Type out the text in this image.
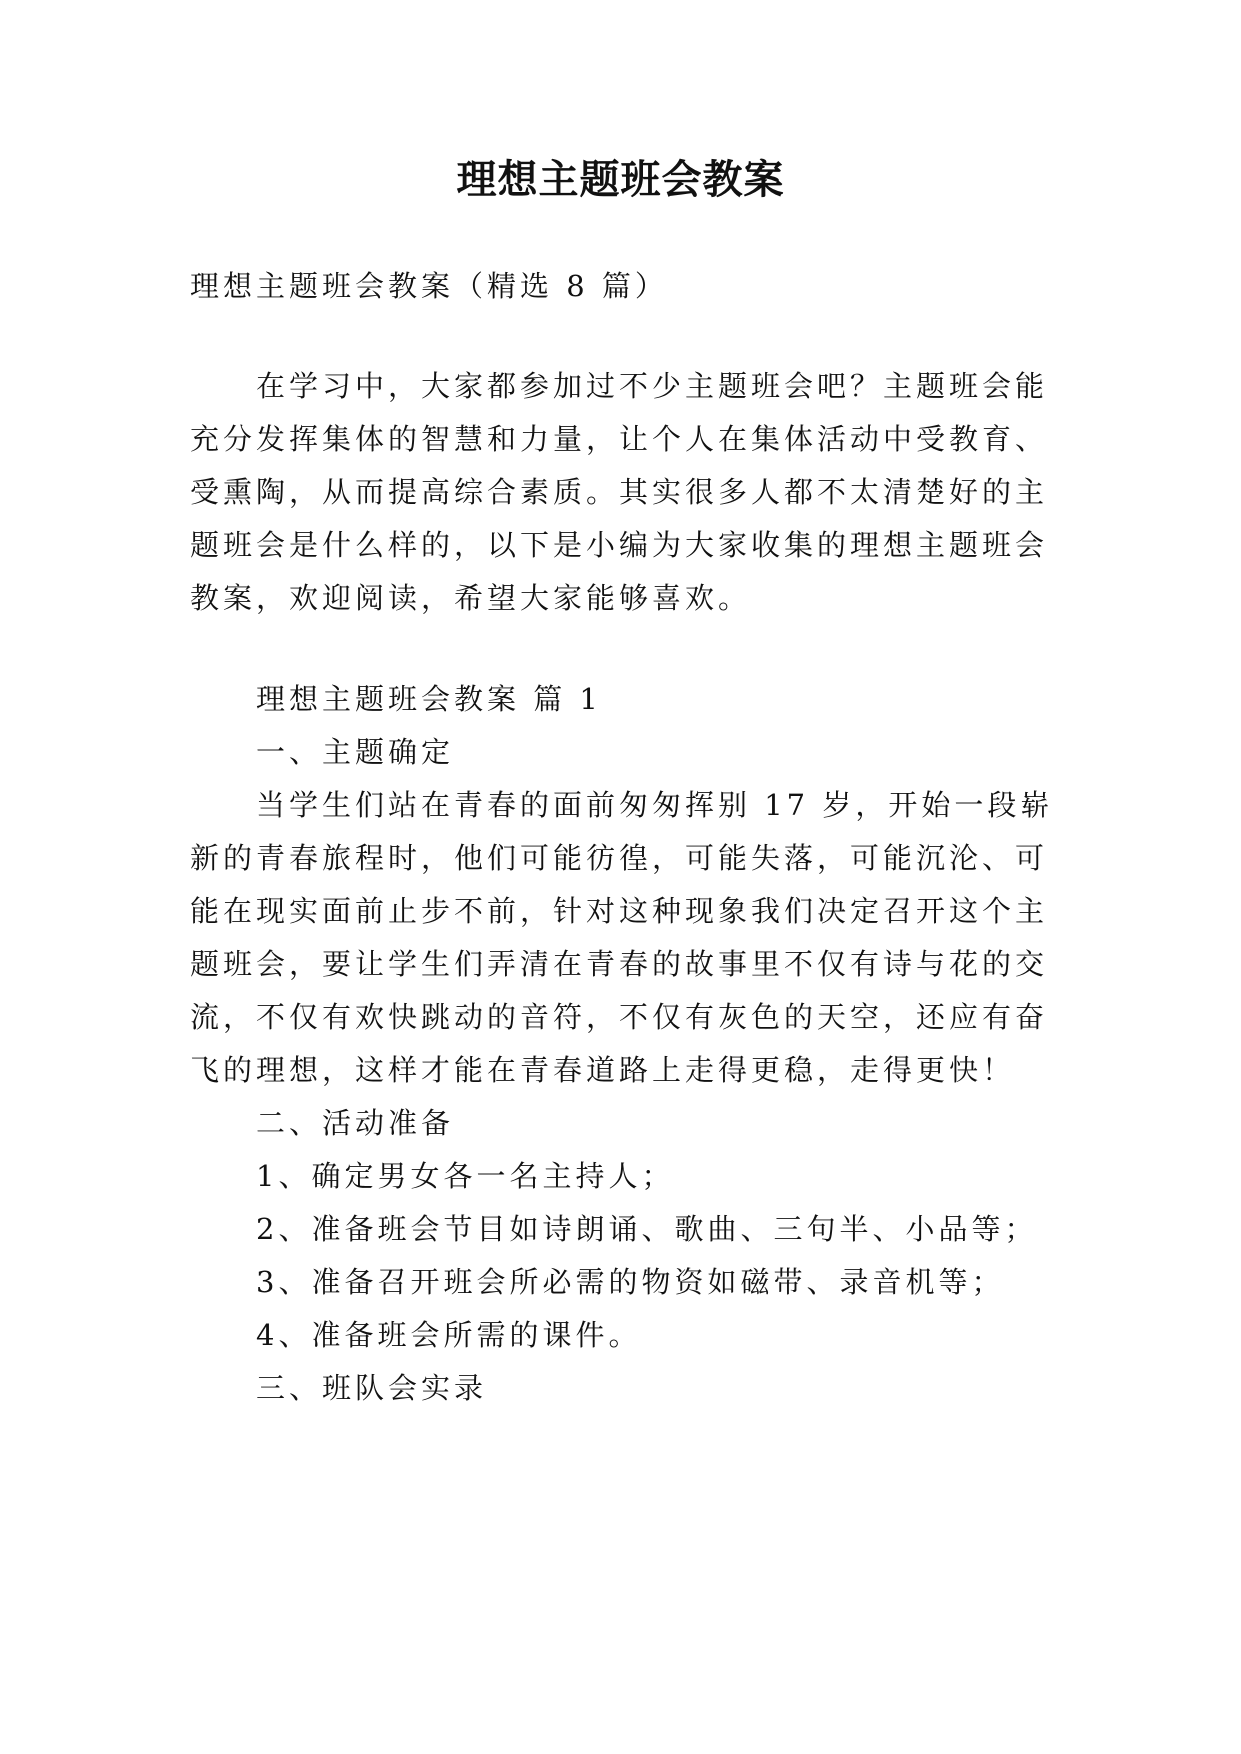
理想主题班会教案

理想主题班会教案（精选 8 篇）

在学习中，大家都参加过不少主题班会吧？主题班会能

充分发挥集体的智慧和力量，让个人在集体活动中受教育、

受熏陶，从而提高综合素质。其实很多人都不太清楚好的主

题班会是什么样的，以下是小编为大家收集的理想主题班会

教案，欢迎阅读，希望大家能够喜欢。

理想主题班会教案 篇 1

一、主题确定

当学生们站在青春的面前匆匆挥别 17 岁，开始一段崭

新的青春旅程时，他们可能彷徨，可能失落，可能沉沦、可

能在现实面前止步不前，针对这种现象我们决定召开这个主

题班会，要让学生们弄清在青春的故事里不仅有诗与花的交

流，不仅有欢快跳动的音符，不仅有灰色的天空，还应有奋

飞的理想，这样才能在青春道路上走得更稳，走得更快！

二、活动准备

1、确定男女各一名主持人；

2、准备班会节目如诗朗诵、歌曲、三句半、小品等；

3、准备召开班会所必需的物资如磁带、录音机等；

4、准备班会所需的课件。

三、班队会实录
